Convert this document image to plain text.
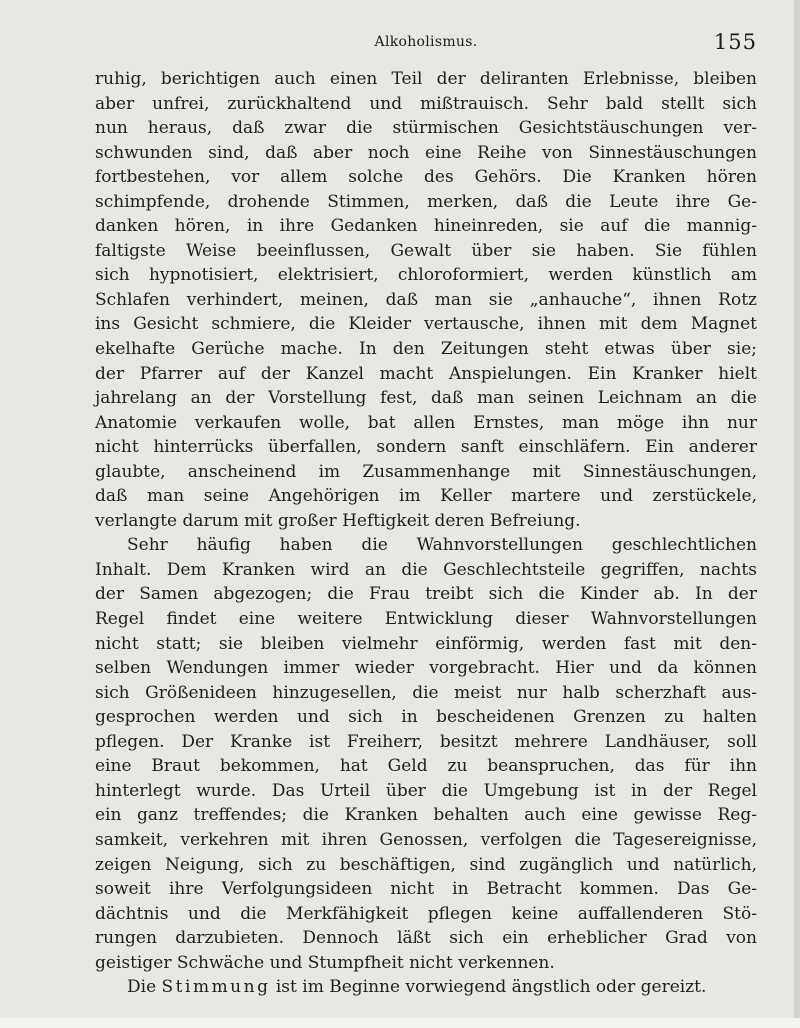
Alkoholismus.	155
ruhig, berichtigen auch einen Teil der deliranten Erlebnisse, bleiben
aber unfrei, zurückhaltend und mißtrauisch. Sehr bald stellt sich
nun heraus, daß zwar die stürmischen Gesichtstäuschungen ver-
schwunden sind, daß aber noch eine Reihe von Sinnestäuschungen
fortbestehen, vor allem solche des Gehörs. Die Kranken hören
schimpfende, drohende Stimmen, merken, daß die Leute ihre Ge-
danken hören, in ihre Gedanken hineinreden, sie auf die mannig-
faltigste Weise beeinflussen, Gewalt über sie haben. Sie fühlen
sich hypnotisiert, elektrisiert, chloroformiert, werden künstlich am
Schlafen verhindert, meinen, daß man sie „anhauche“, ihnen Rotz
ins Gesicht schmiere, die Kleider vertausche, ihnen mit dem Magnet
ekelhafte Gerüche mache. In den Zeitungen steht etwas über sie;
der Pfarrer auf der Kanzel macht Anspielungen. Ein Kranker hielt
jahrelang an der Vorstellung fest, daß man seinen Leichnam an die
Anatomie verkaufen wolle, bat allen Ernstes, man möge ihn nur
nicht hinterrücks überfallen, sondern sanft einschläfern. Ein anderer
glaubte, anscheinend im Zusammenhange mit Sinnestäuschungen,
daß man seine Angehörigen im Keller martere und zerstückele,
verlangte darum mit großer Heftigkeit deren Befreiung.
Sehr häufig haben die Wahnvorstellungen geschlechtlichen
Inhalt. Dem Kranken wird an die Geschlechtsteile gegriffen, nachts
der Samen abgezogen; die Frau treibt sich die Kinder ab. In der
Regel findet eine weitere Entwicklung dieser Wahnvorstellungen
nicht statt; sie bleiben vielmehr einförmig, werden fast mit den-
selben Wendungen immer wieder vorgebracht. Hier und da können
sich Größenideen hinzugesellen, die meist nur halb scherzhaft aus-
gesprochen werden und sich in bescheidenen Grenzen zu halten
pflegen. Der Kranke ist Freiherr, besitzt mehrere Landhäuser, soll
eine Braut bekommen, hat Geld zu beanspruchen, das für ihn
hinterlegt wurde. Das Urteil über die Umgebung ist in der Regel
ein ganz treffendes; die Kranken behalten auch eine gewisse Reg-
samkeit, verkehren mit ihren Genossen, verfolgen die Tagesereignisse,
zeigen Neigung, sich zu beschäftigen, sind zugänglich und natürlich,
soweit ihre Verfolgungsideen nicht in Betracht kommen. Das Ge-
dächtnis und die Merkfähigkeit pflegen keine auffallenderen Stö-
rungen darzubieten. Dennoch läßt sich ein erheblicher Grad von
geistiger Schwäche und Stumpfheit nicht verkennen.
Die Stimmung ist im Beginne vorwiegend ängstlich oder gereizt.
